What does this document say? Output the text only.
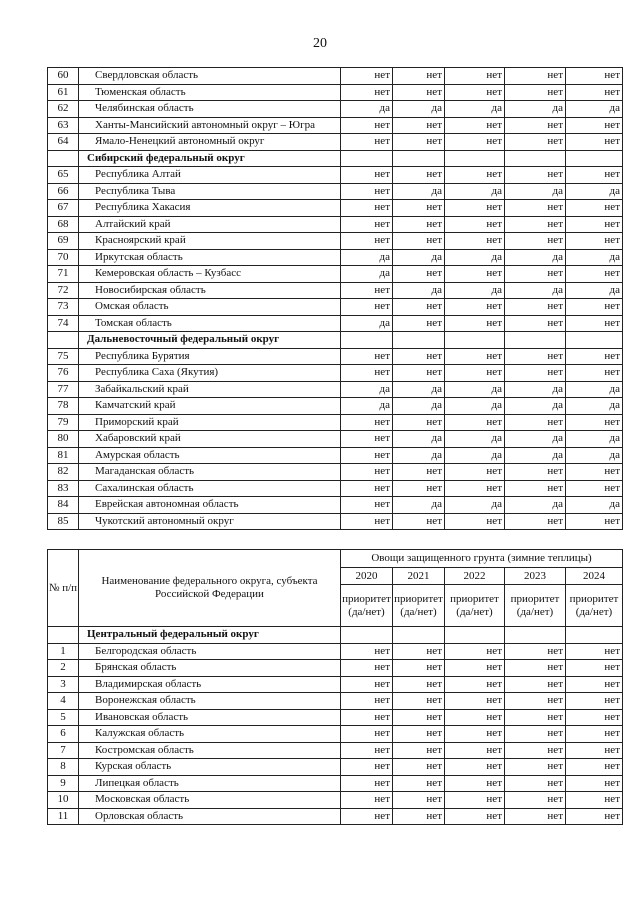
20
60	Свердловская область	нет	нет	нет	нет	нет
61	Тюменская область	нет	нет	нет	нет	нет
62	Челябинская область	да	да	да	да	да
63	Ханты-Мансийский автономный округ – Югра	нет	нет	нет	нет	нет
64	Ямало-Ненецкий автономный округ	нет	нет	нет	нет	нет
	Сибирский федеральный округ					
65	Республика Алтай	нет	нет	нет	нет	нет
66	Республика Тыва	нет	да	да	да	да
67	Республика Хакасия	нет	нет	нет	нет	нет
68	Алтайский край	нет	нет	нет	нет	нет
69	Красноярский край	нет	нет	нет	нет	нет
70	Иркутская область	да	да	да	да	да
71	Кемеровская область – Кузбасс	да	нет	нет	нет	нет
72	Новосибирская область	нет	да	да	да	да
73	Омская область	нет	нет	нет	нет	нет
74	Томская область	да	нет	нет	нет	нет
	Дальневосточный федеральный округ					
75	Республика Бурятия	нет	нет	нет	нет	нет
76	Республика Саха (Якутия)	нет	нет	нет	нет	нет
77	Забайкальский край	да	да	да	да	да
78	Камчатский край	да	да	да	да	да
79	Приморский край	нет	нет	нет	нет	нет
80	Хабаровский край	нет	да	да	да	да
81	Амурская область	нет	да	да	да	да
82	Магаданская область	нет	нет	нет	нет	нет
83	Сахалинская область	нет	нет	нет	нет	нет
84	Еврейская автономная область	нет	да	да	да	да
85	Чукотский автономный округ	нет	нет	нет	нет	нет
№ п/п	Наименование федерального округа, субъекта Российской Федерации	Овощи защищенного грунта (зимние теплицы)				
		2020	2021	2022	2023	2024
		приоритет (да/нет)	приоритет (да/нет)	приоритет (да/нет)	приоритет (да/нет)	приоритет (да/нет)
	Центральный федеральный округ					
1	Белгородская область	нет	нет	нет	нет	нет
2	Брянская область	нет	нет	нет	нет	нет
3	Владимирская область	нет	нет	нет	нет	нет
4	Воронежская область	нет	нет	нет	нет	нет
5	Ивановская область	нет	нет	нет	нет	нет
6	Калужская область	нет	нет	нет	нет	нет
7	Костромская область	нет	нет	нет	нет	нет
8	Курская область	нет	нет	нет	нет	нет
9	Липецкая область	нет	нет	нет	нет	нет
10	Московская область	нет	нет	нет	нет	нет
11	Орловская область	нет	нет	нет	нет	нет
